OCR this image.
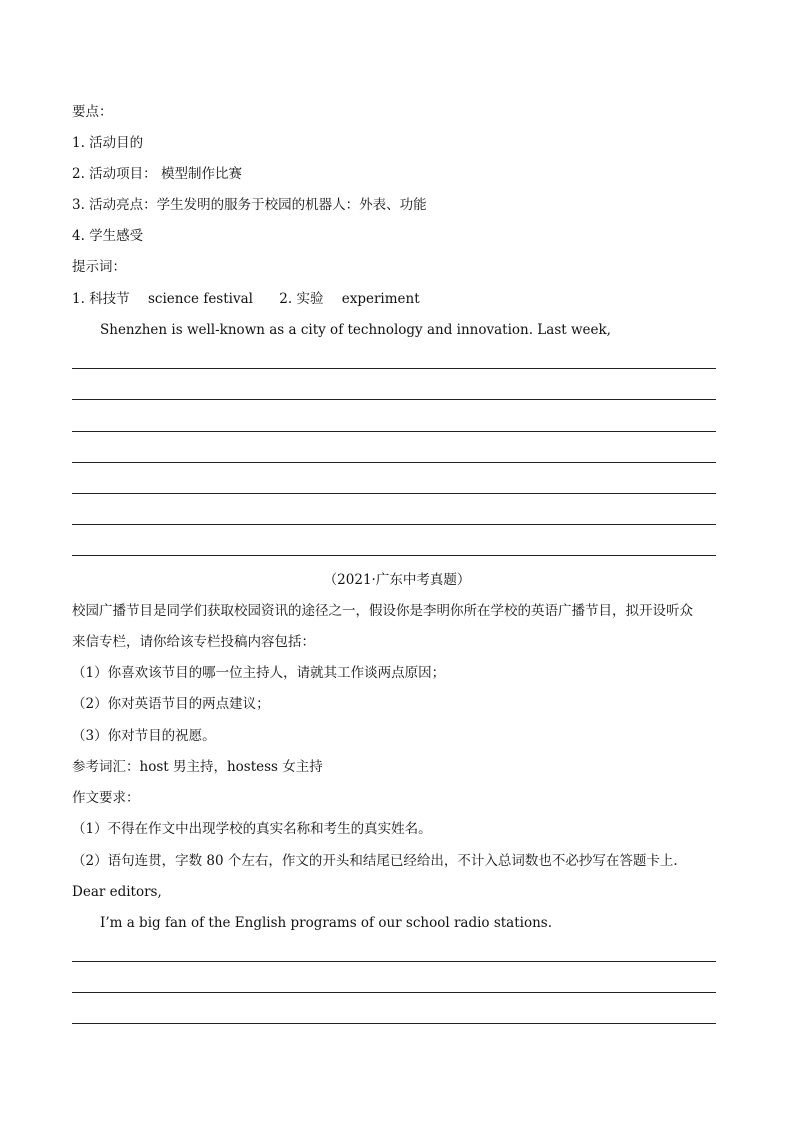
要点：
1. 活动目的
2. 活动项目： 模型制作比赛
3. 活动亮点：学生发明的服务于校园的机器人：外表、功能
4. 学生感受
提示词：
1. 科技节 science festival 2. 实验 experiment
Shenzhen is well-known as a city of technology and innovation. Last week,
（2021·广东中考真题）
校园广播节目是同学们获取校园资讯的途径之一，假设你是李明你所在学校的英语广播节目，拟开设听众
来信专栏，请你给该专栏投稿内容包括：
（1）你喜欢该节目的哪一位主持人，请就其工作谈两点原因；
（2）你对英语节目的两点建议；
（3）你对节目的祝愿。
参考词汇：host 男主持，hostess 女主持
作文要求：
（1）不得在作文中出现学校的真实名称和考生的真实姓名。
（2）语句连贯，字数 80 个左右，作文的开头和结尾已经给出，不计入总词数也不必抄写在答题卡上.
Dear editors,
I’m a big fan of the English programs of our school radio stations.
